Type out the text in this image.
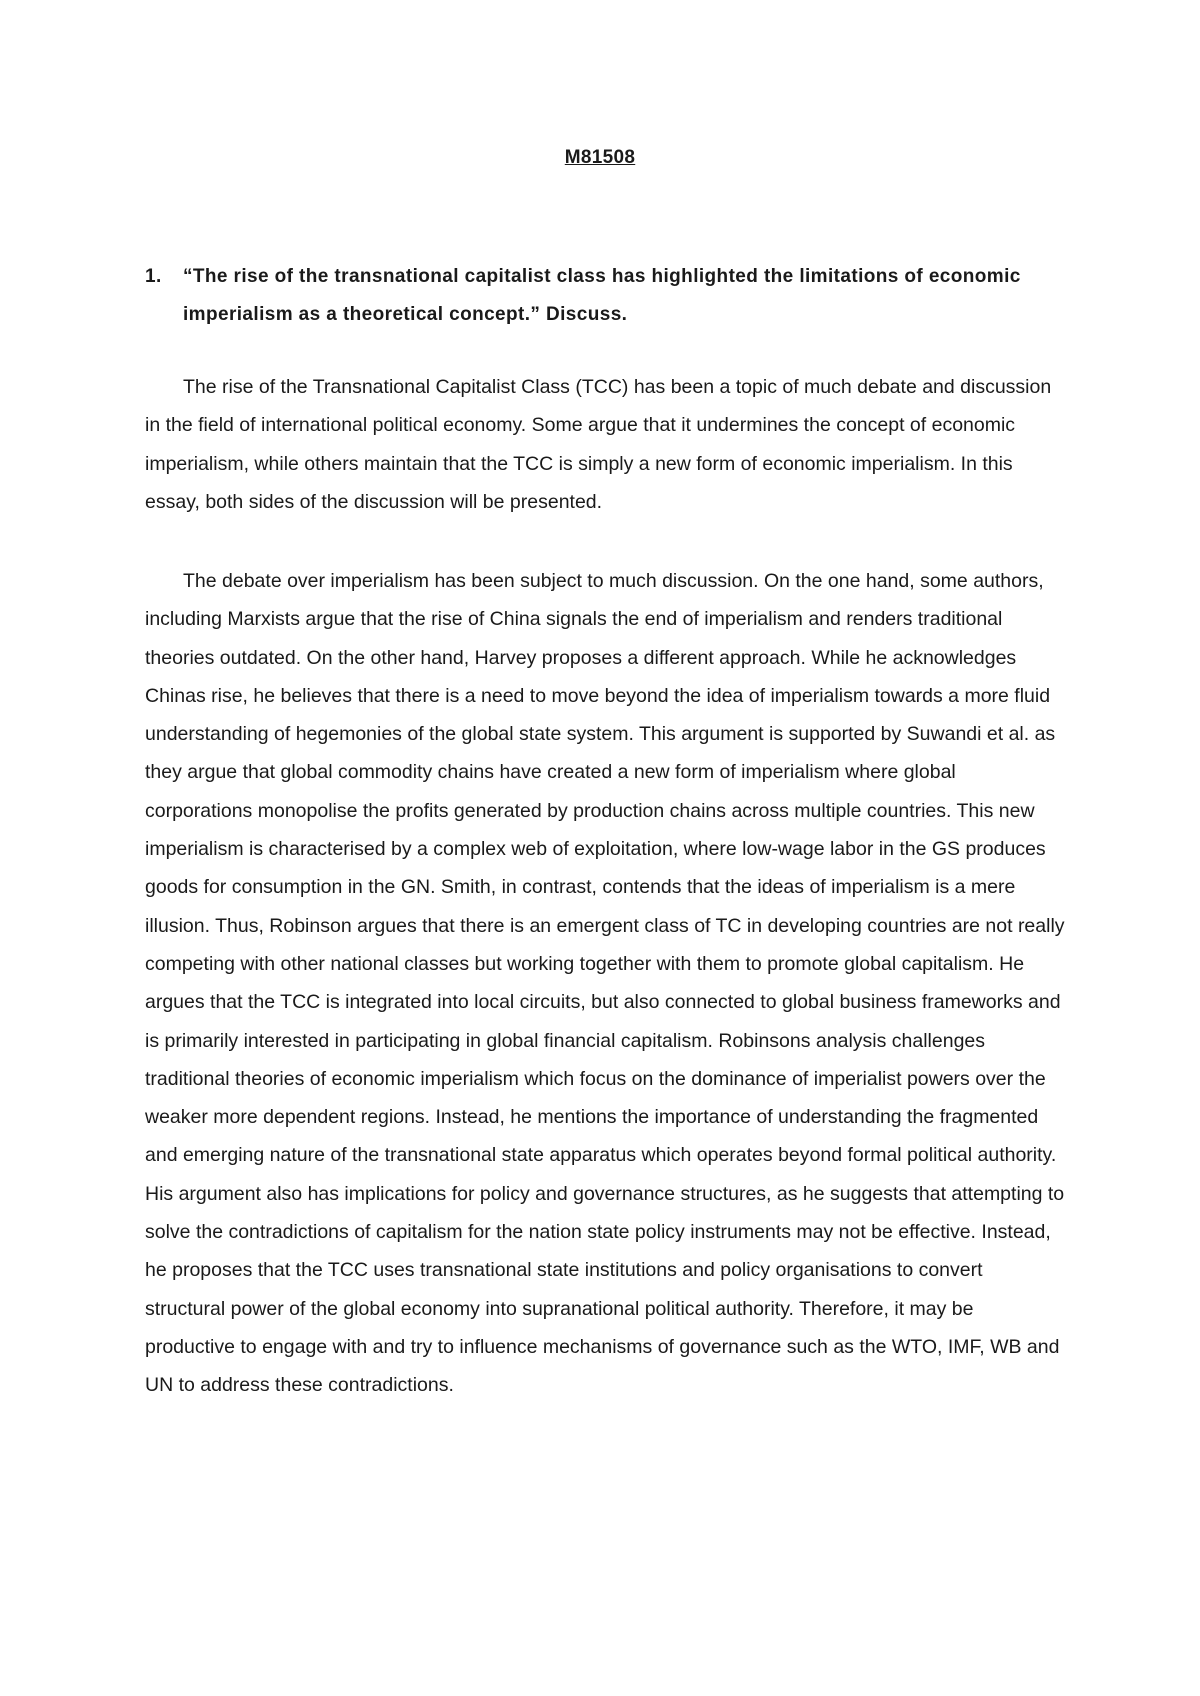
M81508
1. “The rise of the transnational capitalist class has highlighted the limitations of economic imperialism as a theoretical concept.” Discuss.

The rise of the Transnational Capitalist Class (TCC) has been a topic of much debate and discussion in the field of international political economy. Some argue that it undermines the concept of economic imperialism, while others maintain that the TCC is simply a new form of economic imperialism. In this essay, both sides of the discussion will be presented.

The debate over imperialism has been subject to much discussion. On the one hand, some authors, including Marxists argue that the rise of China signals the end of imperialism and renders traditional theories outdated. On the other hand, Harvey proposes a different approach. While he acknowledges Chinas rise, he believes that there is a need to move beyond the idea of imperialism towards a more fluid understanding of hegemonies of the global state system. This argument is supported by Suwandi et al. as they argue that global commodity chains have created a new form of imperialism where global corporations monopolise the profits generated by production chains across multiple countries. This new imperialism is characterised by a complex web of exploitation, where low-wage labor in the GS produces goods for consumption in the GN. Smith, in contrast, contends that the ideas of imperialism is a mere illusion. Thus, Robinson argues that there is an emergent class of TC in developing countries are not really competing with other national classes but working together with them to promote global capitalism. He argues that the TCC is integrated into local circuits, but also connected to global business frameworks and is primarily interested in participating in global financial capitalism. Robinsons analysis challenges traditional theories of economic imperialism which focus on the dominance of imperialist powers over the weaker more dependent regions. Instead, he mentions the importance of understanding the fragmented and emerging nature of the transnational state apparatus which operates beyond formal political authority. His argument also has implications for policy and governance structures, as he suggests that attempting to solve the contradictions of capitalism for the nation state policy instruments may not be effective. Instead, he proposes that the TCC uses transnational state institutions and policy organisations to convert structural power of the global economy into supranational political authority. Therefore, it may be productive to engage with and try to influence mechanisms of governance such as the WTO, IMF, WB and UN to address these contradictions.
